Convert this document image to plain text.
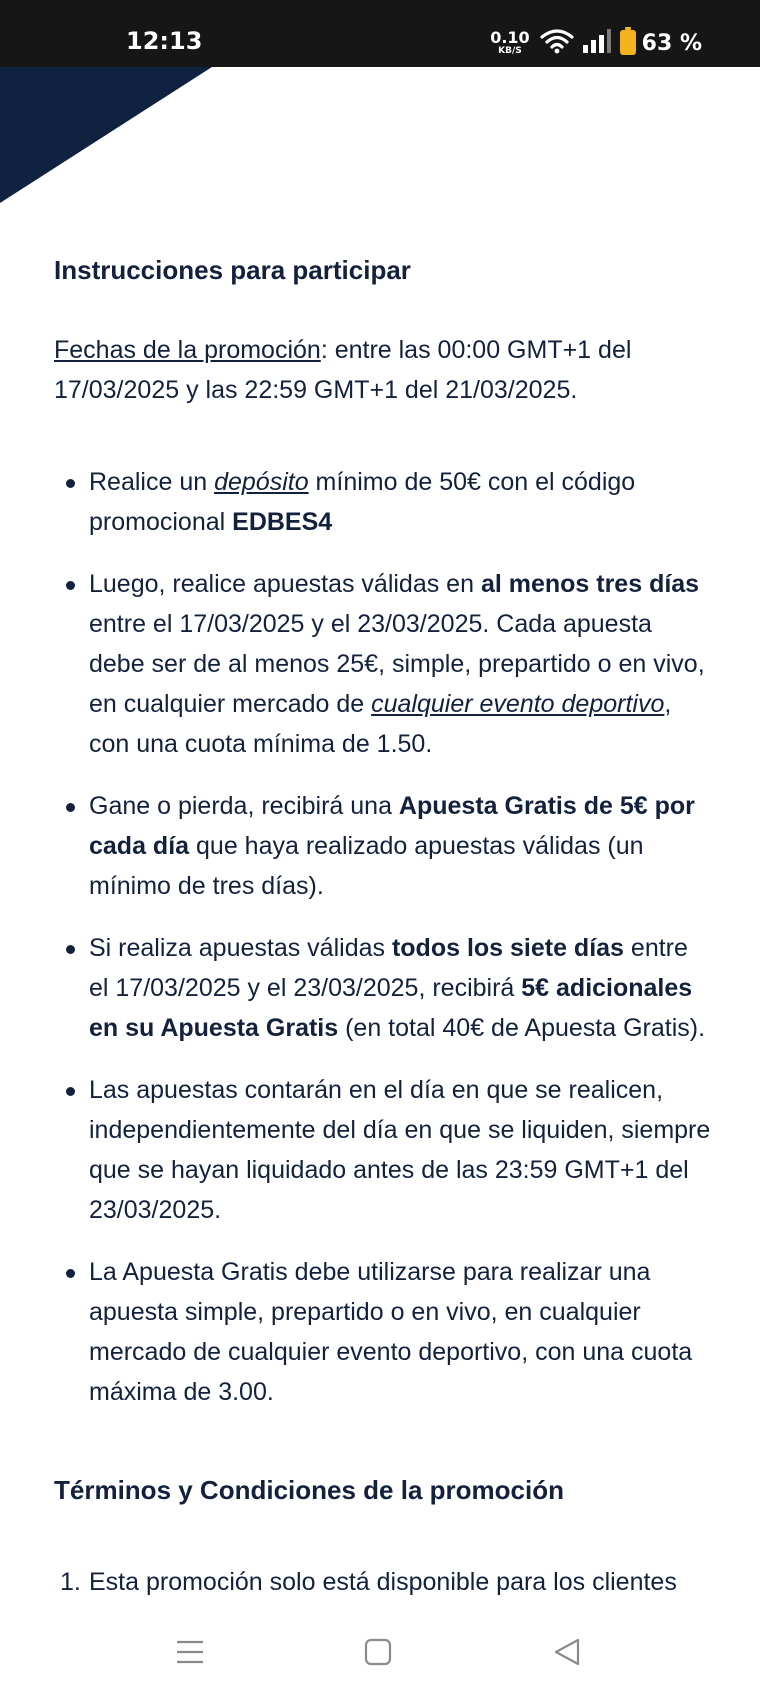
12:13	0.10
KB/S	63 %
Instrucciones para participar

Fechas de la promoción: entre las 00:00 GMT+1 del 17/03/2025 y las 22:59 GMT+1 del 21/03/2025.

Realice un depósito mínimo de 50€ con el código promocional EDBES4
Luego, realice apuestas válidas en al menos tres días entre el 17/03/2025 y el 23/03/2025. Cada apuesta debe ser de al menos 25€, simple, prepartido o en vivo, en cualquier mercado de cualquier evento deportivo, con una cuota mínima de 1.50.
Gane o pierda, recibirá una Apuesta Gratis de 5€ por cada día que haya realizado apuestas válidas (un mínimo de tres días).
Si realiza apuestas válidas todos los siete días entre el 17/03/2025 y el 23/03/2025, recibirá 5€ adicionales en su Apuesta Gratis (en total 40€ de Apuesta Gratis).
Las apuestas contarán en el día en que se realicen, independientemente del día en que se liquiden, siempre que se hayan liquidado antes de las 23:59 GMT+1 del 23/03/2025.
La Apuesta Gratis debe utilizarse para realizar una apuesta simple, prepartido o en vivo, en cualquier mercado de cualquier evento deportivo, con una cuota máxima de 3.00.
Términos y Condiciones de la promoción
1. Esta promoción solo está disponible para los clientes
